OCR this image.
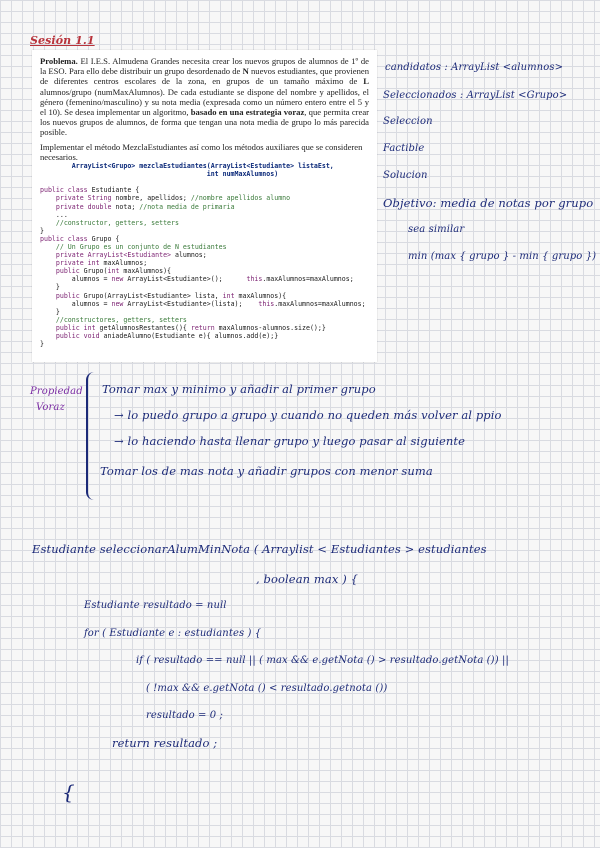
Sesión 1.1

Problema. El I.E.S. Almudena Grandes necesita crear los nuevos grupos de alumnos de 1º de la ESO. Para ello debe distribuir un grupo desordenado de N nuevos estudiantes, que provienen de diferentes centros escolares de la zona, en grupos de un tamaño máximo de L alumnos/grupo (numMaxAlumnos). De cada estudiante se dispone del nombre y apellidos, el género (femenino/masculino) y su nota media (expresada como un número entero entre el 5 y el 10). Se desea implementar un algoritmo, basado en una estrategia voraz, que permita crear los nuevos grupos de alumnos, de forma que tengan una nota media de grupo lo más parecida posible.

Implementar el método MezclaEstudiantes así como los métodos auxiliares que se consideren necesarios.

ArrayList<Grupo> mezclaEstudiantes(ArrayList<Estudiante> listaEst,
int numMaxAlumnos)

public class Estudiante {
private String nombre, apellidos; //nombre apellidos alumno
private double nota; //nota media de primaria
...
//constructor, getters, setters
}
public class Grupo {
// Un Grupo es un conjunto de N estudiantes
private ArrayList<Estudiante> alumnos;
private int maxAlumnos;
public Grupo(int maxAlumnos){
alumnos = new ArrayList<Estudiante>();      this.maxAlumnos=maxAlumnos;
}
public Grupo(ArrayList<Estudiante> lista, int maxAlumnos){
alumnos = new ArrayList<Estudiante>(lista);    this.maxAlumnos=maxAlumnos;
}
//constructores, getters, setters
public int getAlumnosRestantes(){ return maxAlumnos-alumnos.size();}
public void aniadeAlumno(Estudiante e){ alumnos.add(e);}
}
candidatos : ArrayList <alumnos>
Seleccionados : ArrayList <Grupo>
Seleccion
Factible
Solucion
Objetivo: media de notas por grupo
sea similar
min (max { grupo } - min { grupo })
Propiedad
Voraz
Tomar max y minimo y añadir al primer grupo
→ lo puedo grupo a grupo y cuando no queden más volver al ppio
→ lo haciendo hasta llenar grupo y luego pasar al siguiente
Tomar los de mas nota y añadir grupos con menor suma
Estudiante seleccionarAlumMinNota ( Arraylist < Estudiantes > estudiantes
, boolean max ) {
Estudiante resultado = null
for ( Estudiante e : estudiantes ) {
if ( resultado == null || ( max && e.getNota () > resultado.getNota ()) ||
( !max && e.getNota () < resultado.getnota ())
resultado = 0 ;
return resultado ;
{
